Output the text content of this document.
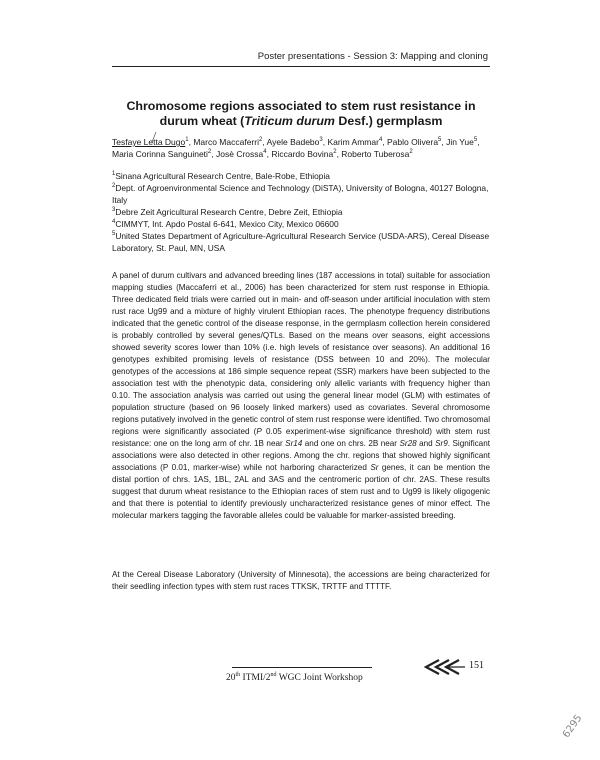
Poster presentations - Session 3: Mapping and cloning
Chromosome regions associated to stem rust resistance in durum wheat (Triticum durum Desf.) germplasm

Tesfaye Letta Dugo$^1$, Marco Maccaferri$^2$, Ayele Badebo$^3$, Karim Ammar$^4$, Pablo Olivera$^5$, Jin Yue$^5$, Maria Corinna Sanguineti$^2$, Josè Crossa$^4$, Riccardo Bovina$^2$, Roberto Tuberosa$^2$

$^1$Sinana Agricultural Research Centre, Bale-Robe, Ethiopia

$^2$Dept. of Agroenvironmental Science and Technology (DiSTA), University of Bologna, 40127 Bologna, Italy

$^3$Debre Zeit Agricultural Research Centre, Debre Zeit, Ethiopia

$^4$CIMMYT, Int. Apdo Postal 6-641, Mexico City, Mexico 06600

$^5$United States Department of Agriculture-Agricultural Research Service (USDA-ARS), Cereal Disease Laboratory, St. Paul, MN, USA

A panel of durum cultivars and advanced breeding lines (187 accessions in total) suitable for association mapping studies (Maccaferri et al., 2006) has been characterized for stem rust response in Ethiopia. Three dedicated field trials were carried out in main- and off-season under artificial inoculation with stem rust race Ug99 and a mixture of highly virulent Ethiopian races. The phenotype frequency distributions indicated that the genetic control of the disease response, in the germplasm collection herein considered is probably controlled by several genes/QTLs. Based on the means over seasons, eight accessions showed severity scores lower than 10% (i.e. high levels of resistance over seasons). An additional 16 genotypes exhibited promising levels of resistance (DSS between 10 and 20%). The molecular genotypes of the accessions at 186 simple sequence repeat (SSR) markers have been subjected to the association test with the phenotypic data, considering only allelic variants with frequency higher than 0.10. The association analysis was carried out using the general linear model (GLM) with estimates of population structure (based on 96 loosely linked markers) used as covariates. Several chromosome regions putatively involved in the genetic control of stem rust response were identified. Two chromosomal regions were significantly associated (P 0.05 experiment-wise significance threshold) with stem rust resistance: one on the long arm of chr. 1B near Sr14 and one on chrs. 2B near Sr28 and Sr9. Significant associations were also detected in other regions. Among the chr. regions that showed highly significant associations (P 0.01, marker-wise) while not harboring characterized Sr genes, it can be mention the distal portion of chrs. 1AS, 1BL, 2AL and 3AS and the centromeric portion of chr. 2AS. These results suggest that durum wheat resistance to the Ethiopian races of stem rust and to Ug99 is likely oligogenic and that there is potential to identify previously uncharacterized resistance genes of minor effect. The molecular markers tagging the favorable alleles could be valuable for marker-assisted breeding.

At the Cereal Disease Laboratory (University of Minnesota), the accessions are being characterized for their seedling infection types with stem rust races TTKSK, TRTTF and TTTTF.

20th ITMI/2nd WGC Joint Workshop
151
6295
